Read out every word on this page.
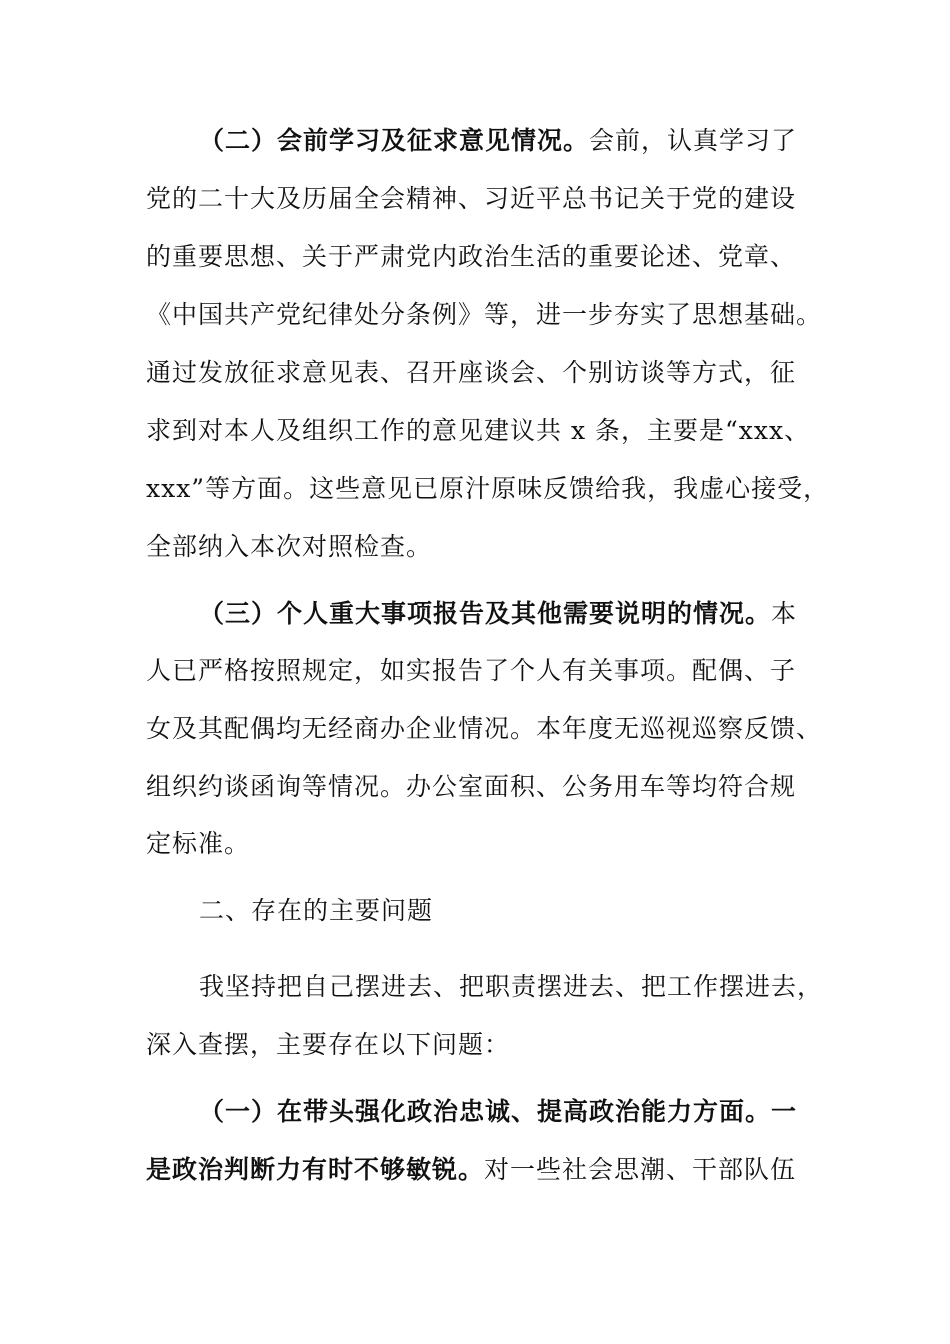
（二）会前学习及征求意见情况。会前，认真学习了
党的二十大及历届全会精神、习近平总书记关于党的建设
的重要思想、关于严肃党内政治生活的重要论述、党章、
《中国共产党纪律处分条例》等，进一步夯实了思想基础。
通过发放征求意见表、召开座谈会、个别访谈等方式，征
求到对本人及组织工作的意见建议共 x 条，主要是“xxx、
xxx”等方面。这些意见已原汁原味反馈给我，我虚心接受，
全部纳入本次对照检查。
（三）个人重大事项报告及其他需要说明的情况。本
人已严格按照规定，如实报告了个人有关事项。配偶、子
女及其配偶均无经商办企业情况。本年度无巡视巡察反馈、
组织约谈函询等情况。办公室面积、公务用车等均符合规
定标准。
二、存在的主要问题
我坚持把自己摆进去、把职责摆进去、把工作摆进去，
深入查摆，主要存在以下问题：
（一）在带头强化政治忠诚、提高政治能力方面。一
是政治判断力有时不够敏锐。对一些社会思潮、干部队伍
